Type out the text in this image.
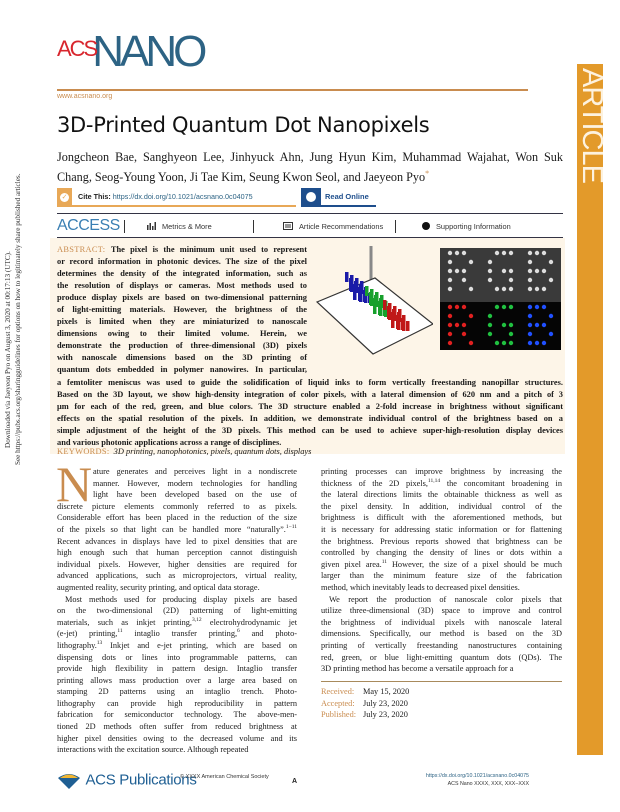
ACSNANO
www.acsnano.org	ARTICLE
Downloaded via Jaeyeon Pyo on August 3, 2020 at 00:17:13 (UTC). See https://pubs.acs.org/sharingguidelines for options on how to legitimately share published articles.
3D-Printed Quantum Dot Nanopixels
Jongcheon Bae, Sanghyeon Lee, Jinhyuck Ahn, Jung Hyun Kim, Muhammad Wajahat, Won Suk Chang, Seog-Young Yoon, Ji Tae Kim, Seung Kwon Seol, and Jaeyeon Pyo*
✓ Cite This: https://dx.doi.org/10.1021/acsnano.0c04075	Read Online
ACCESS	Metrics & More	Article Recommendations	Supporting Information
ABSTRACT: The pixel is the minimum unit used to represent
or record information in photonic devices. The size of the pixel
determines the density of the integrated information, such as
the resolution of displays or cameras. Most methods used to
produce display pixels are based on two-dimensional patterning
of light-emitting materials. However, the brightness of the
pixels is limited when they are miniaturized to nanoscale
dimensions owing to their limited volume. Herein, we
demonstrate the production of three-dimensional (3D) pixels
with nanoscale dimensions based on the 3D printing of
quantum dots embedded in polymer nanowires. In particular,
a femtoliter meniscus was used to guide the solidification of liquid inks to form vertically freestanding nanopillar structures.
Based on the 3D layout, we show high-density integration of color pixels, with a lateral dimension of 620 nm and a pitch of 3
μm for each of the red, green, and blue colors. The 3D structure enabled a 2-fold increase in brightness without significant
effects on the spatial resolution of the pixels. In addition, we demonstrate individual control of the brightness based on a
simple adjustment of the height of the 3D pixels. This method can be used to achieve super-high-resolution display devices
and various photonic applications across a range of disciplines.
KEYWORDS: 3D printing, nanophotonics, pixels, quantum dots, displays
N ature generates and perceives light in a nondiscrete
manner. However, modern technologies for handling
light have been developed based on the use of
discrete picture elements commonly referred to as pixels.
Considerable effort has been placed in the reduction of the size
of the pixels so that light can be handled more “naturally”.$^{1-11}$
Recent advances in displays have led to pixel densities that are
high enough such that human perception cannot distinguish
individual pixels. However, higher densities are required for
advanced applications, such as microprojectors, virtual reality,
augmented reality, security printing, and optical data storage.
Most methods used for producing display pixels are based
on the two-dimensional (2D) patterning of light-emitting
materials, such as inkjet printing,$^{3,12}$ electrohydrodynamic jet
(e-jet) printing,$^{11}$ intaglio transfer printing,$^6$ and photo-
lithography.$^{13}$ Inkjet and e-jet printing, which are based on
dispensing dots or lines into programmable patterns, can
provide high flexibility in pattern design. Intaglio transfer
printing allows mass production over a large area based on
stamping 2D patterns using an intaglio trench. Photo-
lithography can provide high reproducibility in pattern
fabrication for semiconductor technology. The above-men-
tioned 2D methods often suffer from reduced brightness at
higher pixel densities owing to the decreased volume and its
interactions with the excitation source. Although repeated
printing processes can improve brightness by increasing the
thickness of the 2D pixels,$^{11,14}$ the concomitant broadening in
the lateral directions limits the obtainable thickness as well as
the pixel density. In addition, individual control of the
brightness is difficult with the aforementioned methods, but
it is necessary for addressing static information or for flattening
the brightness. Previous reports showed that brightness can be
controlled by changing the density of lines or dots within a
given pixel area.$^{11}$ However, the size of a pixel should be much
larger than the minimum feature size of the fabrication
method, which inevitably leads to decreased pixel densities.
We report the production of nanoscale color pixels that
utilize three-dimensional (3D) space to improve and control
the brightness of individual pixels with nanoscale lateral
dimensions. Specifically, our method is based on the 3D
printing of vertically freestanding nanostructures containing
red, green, or blue light-emitting quantum dots (QDs). The
3D printing method has become a versatile approach for a
Received: May 15, 2020
Accepted: July 23, 2020
Published: July 23, 2020
ACS Publications
© XXXX American Chemical Society
A
https://dx.doi.org/10.1021/acsnano.0c04075
ACS Nano XXXX, XXX, XXX−XXX
